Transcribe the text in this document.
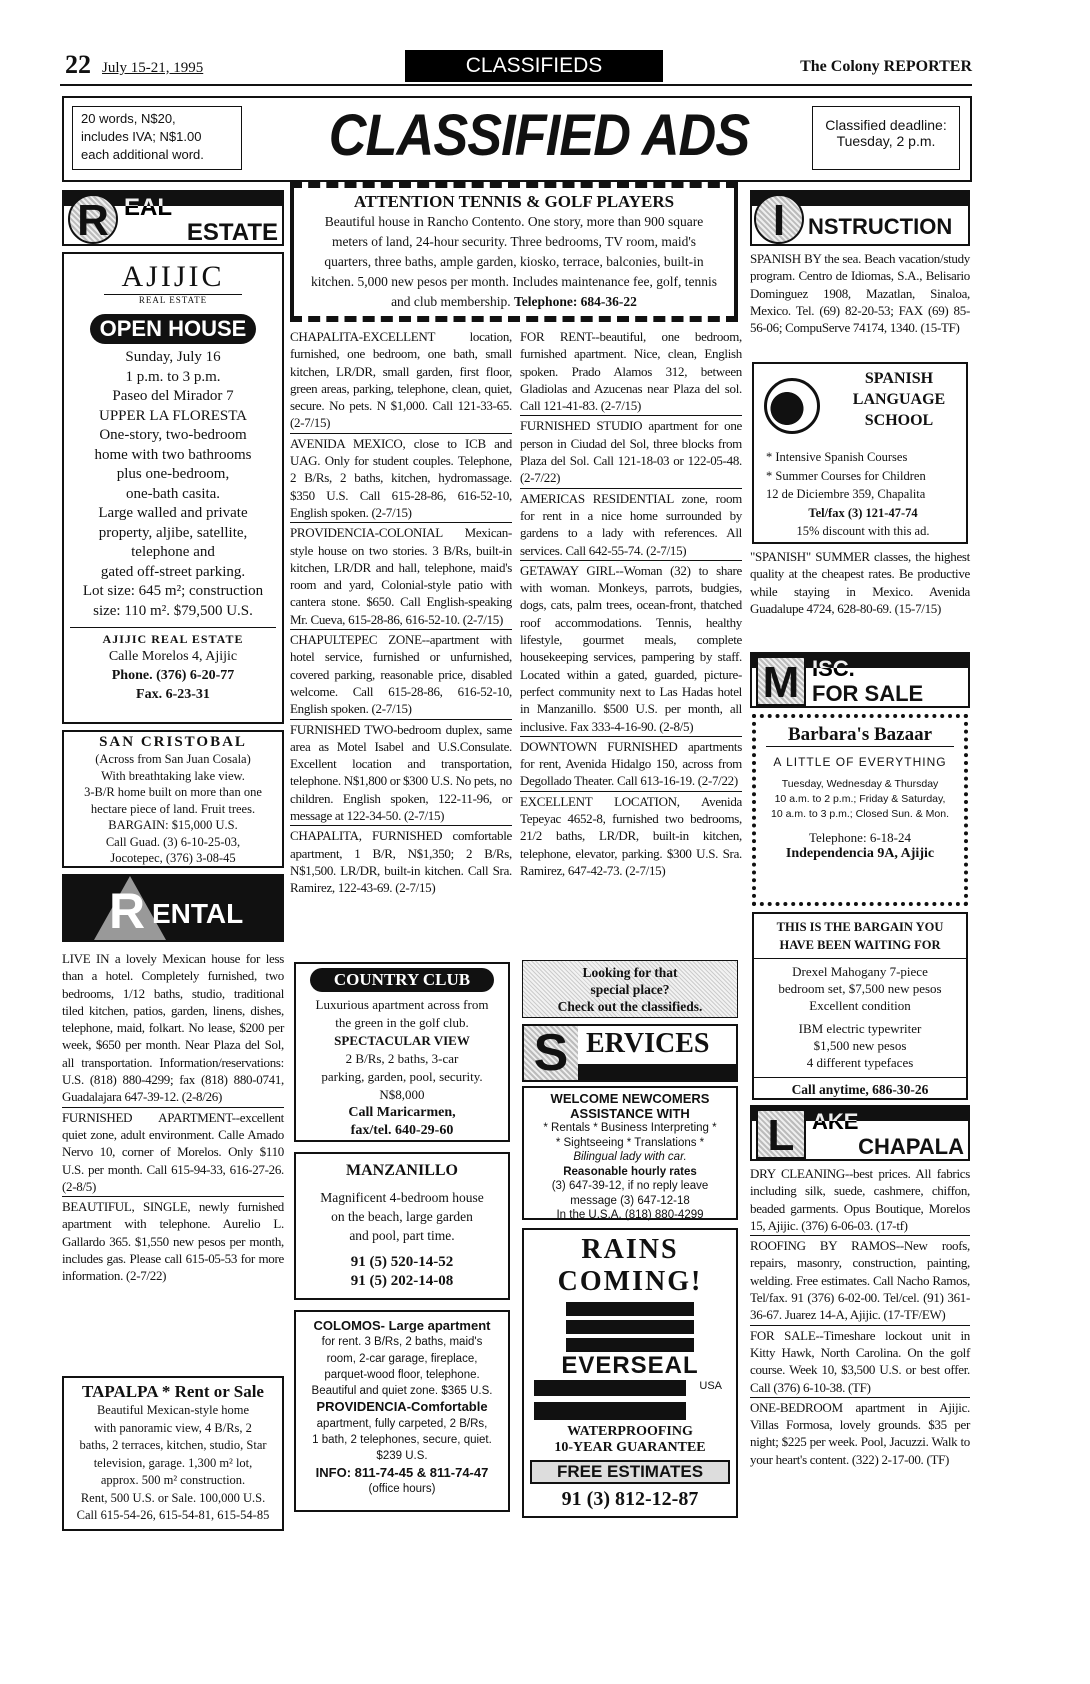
22 July 15-21, 1995	CLASSIFIEDS	The Colony REPORTER
20 words, N$20,
includes IVA; N$1.00
each additional word.	CLASSIFIED ADS	Classified deadline:
Tuesday, 2 p.m.
R EAL
ESTATE
AJIJIC
REAL ESTATE
OPEN HOUSE
Sunday, July 16
1 p.m. to 3 p.m.
Paseo del Mirador 7
UPPER LA FLORESTA
One-story, two-bedroom
home with two bathrooms
plus one-bedroom,
one-bath casita.
Large walled and private
property, aljibe, satellite,
telephone and
gated off-street parking.
Lot size: 645 m²; construction
size: 110 m². $79,500 U.S.
AJIJIC REAL ESTATE
Calle Morelos 4, Ajijic
Phone. (376) 6-20-77
Fax. 6-23-31
SAN CRISTOBAL
(Across from San Juan Cosala)
With breathtaking lake view.
3-B/R home built on more than one
hectare piece of land. Fruit trees.
BARGAIN: $15,000 U.S.
Call Guad. (3) 6-10-25-03,
Jocotepec, (376) 3-08-45
R ENTAL

LIVE IN a lovely Mexican house for less than a hotel. Completely furnished, two bedrooms, 1/12 baths, studio, traditional tiled kitchen, patios, garden, linens, dishes, telephone, maid, folkart. No lease, $200 per week, $650 per month. Near Plaza del Sol, all transportation. Information/reservations: U.S. (818) 880-4299; fax (818) 880-0741, Guadalajara 647-39-12. (2-8/26)

FURNISHED APARTMENT--excellent quiet zone, adult environment. Calle Amado Nervo 10, corner of Morelos. Only $110 U.S. per month. Call 615-94-33, 616-27-26. (2-8/5)

BEAUTIFUL, SINGLE, newly furnished apartment with telephone. Aurelio L. Gallardo 365. $1,550 new pesos per month, includes gas. Please call 615-05-53 for more information. (2-7/22)

TAPALPA * Rent or Sale
Beautiful Mexican-style home
with panoramic view, 4 B/Rs, 2
baths, 2 terraces, kitchen, studio, Star
television, garage. 1,300 m² lot,
approx. 500 m² construction.
Rent, 500 U.S. or Sale. 100,000 U.S.
Call 615-54-26, 615-54-81, 615-54-85
ATTENTION TENNIS & GOLF PLAYERS
Beautiful house in Rancho Contento. One story, more than 900 square meters of land, 24-hour security. Three bedrooms, TV room, maid's quarters, three baths, ample garden, kiosko, terrace, balconies, built-in kitchen. 5,000 new pesos per month. Includes maintenance fee, golf, tennis and club membership. Telephone: 684-36-22

CHAPALITA-EXCELLENT location, furnished, one bedroom, one bath, small kitchen, LR/DR, small garden, first floor, green areas, parking, telephone, clean, quiet, secure. No pets. N $1,000. Call 121-33-65. (2-7/15)

AVENIDA MEXICO, close to ICB and UAG. Only for student couples. Telephone, 2 B/Rs, 2 baths, kitchen, hydromassage. $350 U.S. Call 615-28-86, 616-52-10, English spoken. (2-7/15)

PROVIDENCIA-COLONIAL Mexican-style house on two stories. 3 B/Rs, built-in kitchen, LR/DR and hall, telephone, maid's room and yard, Colonial-style patio with cantera stone. $650. Call English-speaking Mr. Cueva, 615-28-86, 616-52-10. (2-7/15)

CHAPULTEPEC ZONE--apartment with hotel service, furnished or unfurnished, covered parking, reasonable price, disabled welcome. Call 615-28-86, 616-52-10, English spoken. (2-7/15)

FURNISHED TWO-bedroom duplex, same area as Motel Isabel and U.S.Consulate. Excellent location and transportation, telephone. N$1,800 or $300 U.S. No pets, no children. English spoken, 122-11-96, or message at 122-34-50. (2-7/15)

CHAPALITA, FURNISHED comfortable apartment, 1 B/R, N$1,350; 2 B/Rs, N$1,500. LR/DR, built-in kitchen. Call Sra. Ramirez, 122-43-69. (2-7/15)

COUNTRY CLUB
Luxurious apartment across from
the green in the golf club.
SPECTACULAR VIEW
2 B/Rs, 2 baths, 3-car
parking, garden, pool, security.
N$8,000
Call Maricarmen,
fax/tel. 640-29-60
MANZANILLO
Magnificent 4-bedroom house
on the beach, large garden
and pool, part time.
91 (5) 520-14-52
91 (5) 202-14-08
COLOMOS- Large apartment
for rent. 3 B/Rs, 2 baths, maid's
room, 2-car garage, fireplace,
parquet-wood floor, telephone.
Beautiful and quiet zone. $365 U.S.
PROVIDENCIA-Comfortable
apartment, fully carpeted, 2 B/Rs,
1 bath, 2 telephones, secure, quiet.
$239 U.S.
INFO: 811-74-45 & 811-74-47
(office hours)

FOR RENT--beautiful, one bedroom, furnished apartment. Nice, clean, English spoken. Prado Alamos 312, between Gladiolas and Azucenas near Plaza del sol. Call 121-41-83. (2-7/15)

FURNISHED STUDIO apartment for one person in Ciudad del Sol, three blocks from Plaza del Sol. Call 121-18-03 or 122-05-48. (2-7/22)

AMERICAS RESIDENTIAL zone, room for rent in a nice home surrounded by gardens to a lady with references. All services. Call 642-55-74. (2-7/15)

GETAWAY GIRL--Woman (32) to share with woman. Monkeys, parrots, budgies, dogs, cats, palm trees, ocean-front, thatched roof accommodations. Tennis, healthy lifestyle, gourmet meals, complete housekeeping services, pampering by staff. Located within a gated, guarded, picture-perfect community next to Las Hadas hotel in Manzanillo. $500 U.S. per month, all inclusive. Fax 333-4-16-90. (2-8/5)

DOWNTOWN FURNISHED apartments for rent, Avenida Hidalgo 150, across from Degollado Theater. Call 613-16-19. (2-7/22)

EXCELLENT LOCATION, Avenida Tepeyac 4652-8, furnished two bedrooms, 21/2 baths, LR/DR, built-in kitchen, telephone, elevator, parking. $300 U.S. Sra. Ramirez, 647-42-73. (2-7/15)

Looking for that
special place?
Check out the classifieds.
S ERVICES
WELCOME NEWCOMERS
ASSISTANCE WITH
* Rentals * Business Interpreting *
* Sightseeing * Translations *
Bilingual lady with car.
Reasonable hourly rates
(3) 647-39-12, if no reply leave
message (3) 647-12-18
In the U.S.A. (818) 880-4299
RAINS
COMING!
EVERSEAL
USA
WATERPROOFING
10-YEAR GUARANTEE
FREE ESTIMATES
91 (3) 812-12-87
I	NSTRUCTION

SPANISH BY the sea. Beach vacation/study program. Centro de Idiomas, S.A., Belisario Dominguez 1908, Mazatlan, Sinaloa, Mexico. Tel. (69) 82-20-53; FAX (69) 85-56-06; CompuServe 74174, 1340. (15-TF)

SPANISH
LANGUAGE
SCHOOL
* Intensive Spanish Courses
* Summer Courses for Children
12 de Diciembre 359, Chapalita
Tel/fax (3) 121-47-74
15% discount with this ad.

"SPANISH" SUMMER classes, the highest quality at the cheapest rates. Be productive while staying in Mexico. Avenida Guadalupe 4724, 628-80-69. (15-7/15)

M ISC.
FOR SALE
Barbara's Bazaar
A LITTLE OF EVERYTHING
Tuesday, Wednesday & Thursday
10 a.m. to 2 p.m.; Friday & Saturday,
10 a.m. to 3 p.m.; Closed Sun. & Mon.
Telephone: 6-18-24
Independencia 9A, Ajijic
THIS IS THE BARGAIN YOU
HAVE BEEN WAITING FOR
Drexel Mahogany 7-piece
bedroom set, $7,500 new pesos
Excellent condition
IBM electric typewriter
$1,500 new pesos
4 different typefaces
Call anytime, 686-30-26
L AKE
CHAPALA

DRY CLEANING--best prices. All fabrics including silk, suede, cashmere, chiffon, beaded garments. Opus Boutique, Morelos 15, Ajijic. (376) 6-06-03. (17-tf)

ROOFING BY RAMOS--New roofs, repairs, masonry, construction, painting, welding. Free estimates. Call Nacho Ramos, Tel/fax. 91 (376) 6-02-00. Tel/cel. (91) 361-36-67. Juarez 14-A, Ajijic. (17-TF/EW)

FOR SALE--Timeshare lockout unit in Kitty Hawk, North Carolina. On the golf course. Week 10, $3,500 U.S. or best offer. Call (376) 6-10-38. (TF)

ONE-BEDROOM apartment in Ajijic. Villas Formosa, lovely grounds. $35 per night; $225 per week. Pool, Jacuzzi. Walk to your heart's content. (322) 2-17-00. (TF)
